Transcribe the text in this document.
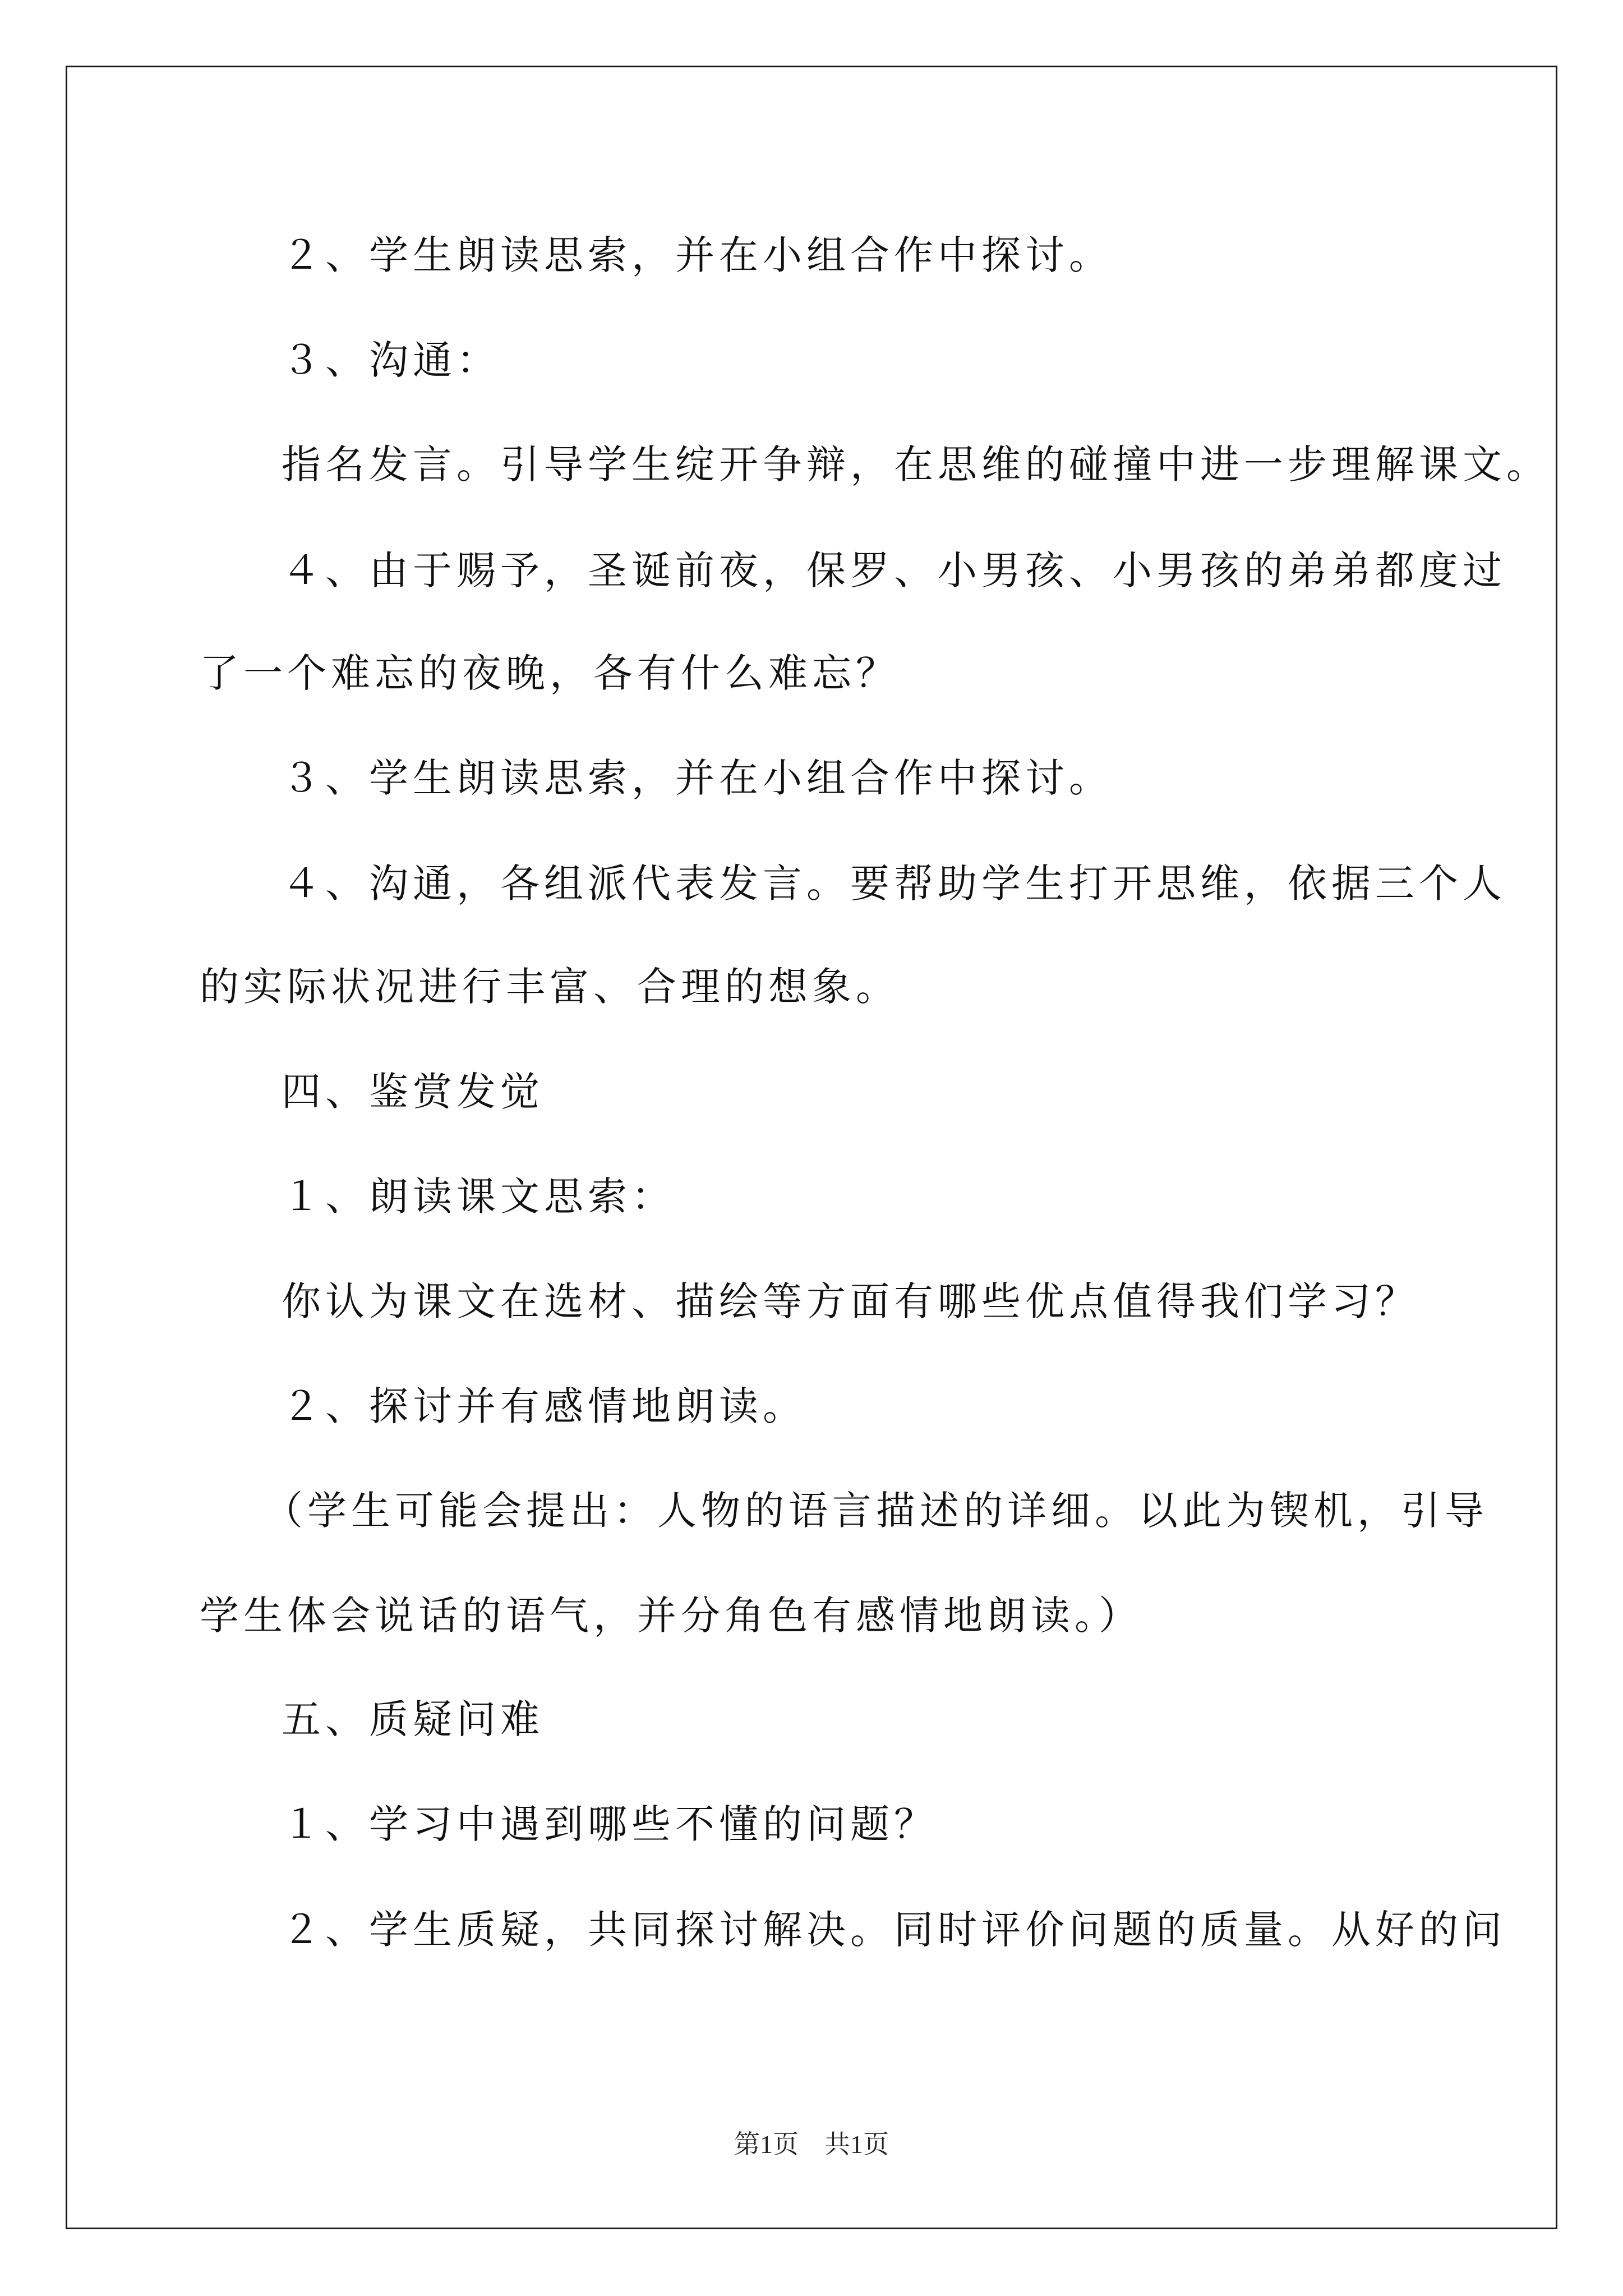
２、学生朗读思索，并在小组合作中探讨。
３、沟通：
指名发言。引导学生绽开争辩，在思维的碰撞中进一步理解课文。
４、由于赐予，圣诞前夜，保罗、小男孩、小男孩的弟弟都度过
了一个难忘的夜晚，各有什么难忘？
３、学生朗读思索，并在小组合作中探讨。
４、沟通，各组派代表发言。要帮助学生打开思维，依据三个人
的实际状况进行丰富、合理的想象。
四、鉴赏发觉
１、朗读课文思索：
你认为课文在选材、描绘等方面有哪些优点值得我们学习？
２、探讨并有感情地朗读。
（学生可能会提出：人物的语言描述的详细。以此为锲机，引导
学生体会说话的语气，并分角色有感情地朗读。）
五、质疑问难
１、学习中遇到哪些不懂的问题？
２、学生质疑，共同探讨解决。同时评价问题的质量。从好的问
第1页　共1页
